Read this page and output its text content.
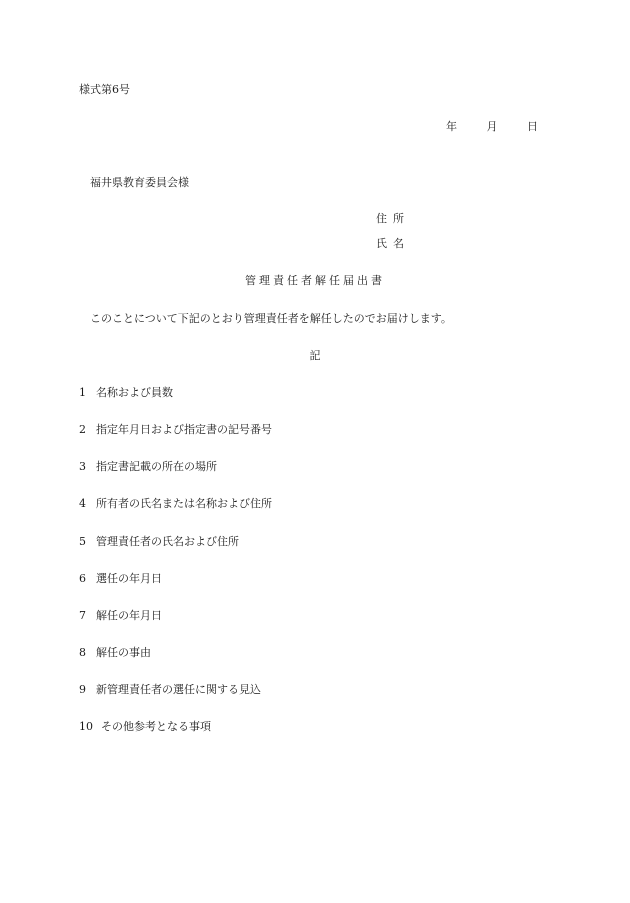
様式第6号
年	月	日
福井県教育委員会様
住所
氏名
管理責任者解任届出書
このことについて下記のとおり管理責任者を解任したのでお届けします。
記
1 名称および員数
2 指定年月日および指定書の記号番号
3 指定書記載の所在の場所
4 所有者の氏名または名称および住所
5 管理責任者の氏名および住所
6 選任の年月日
7 解任の年月日
8 解任の事由
9 新管理責任者の選任に関する見込
10 その他参考となる事項
